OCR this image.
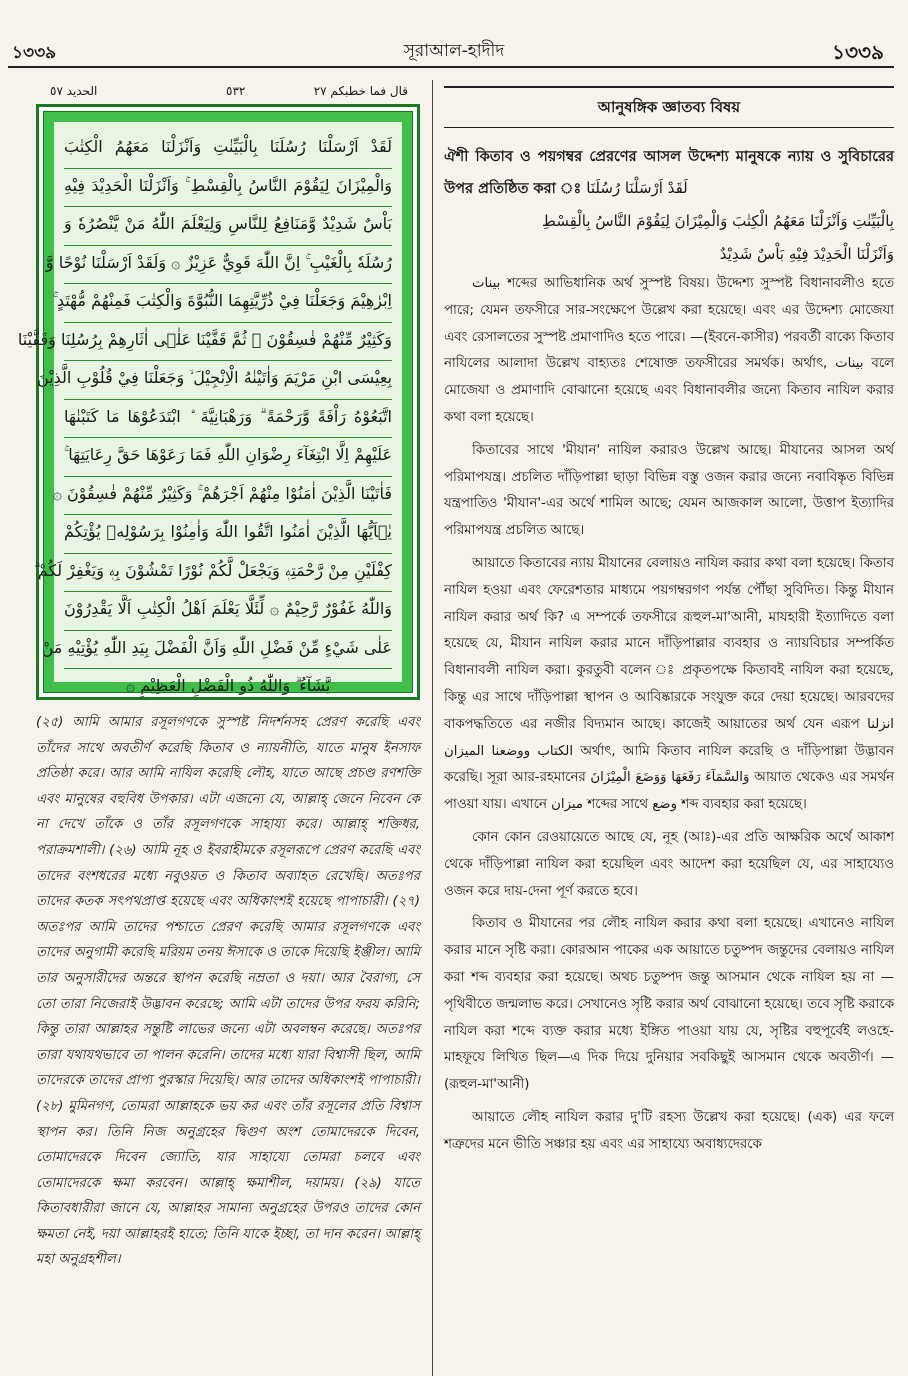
১৩৩৯	সূরাআল-হাদীদ	১৩৩৯
قال فما خطبكم ٢٧
٥٣٢
الحديد ٥٧
لَقَدْ اَرْسَلْنَا رُسُلَنَا بِالْبَيِّنٰتِ وَاَنْزَلْنَا مَعَهُمُ الْكِتٰبَ
وَالْمِيْزَانَ لِيَقُوْمَ النَّاسُ بِالْقِسْطِ ۚ وَاَنْزَلْنَا الْحَدِيْدَ فِيْهِ
بَاْسٌ شَدِيْدٌ وَّمَنَافِعُ لِلنَّاسِ وَلِيَعْلَمَ اللّٰهُ مَنْ يَّنْصُرُهٗ وَ
رُسُلَهٗ بِالْغَيْبِ ۚ اِنَّ اللّٰهَ قَوِيٌّ عَزِيْزٌ ۞ وَلَقَدْ اَرْسَلْنَا نُوْحًا وَّ
اِبْرٰهِيْمَ وَجَعَلْنَا فِيْ ذُرِّيَّتِهِمَا النُّبُوَّةَ وَالْكِتٰبَ فَمِنْهُمْ مُّهْتَدٍ ۚ
وَكَثِيْرٌ مِّنْهُمْ فٰسِقُوْنَ ۞ ثُمَّ قَفَّيْنَا عَلٰۤى اٰثَارِهِمْ بِرُسُلِنَا وَقَفَّيْنَا
بِعِيْسَى ابْنِ مَرْيَمَ وَاٰتَيْنٰهُ الْاِنْجِيْلَ ۙ وَجَعَلْنَا فِيْ قُلُوْبِ الَّذِيْنَ
اتَّبَعُوْهُ رَاْفَةً وَّرَحْمَةً ۗ وَرَهْبَانِيَّةَ ۨ ابْتَدَعُوْهَا مَا كَتَبْنٰهَا
عَلَيْهِمْ اِلَّا ابْتِغَآءَ رِضْوَانِ اللّٰهِ فَمَا رَعَوْهَا حَقَّ رِعَايَتِهَا ۚ
فَاٰتَيْنَا الَّذِيْنَ اٰمَنُوْا مِنْهُمْ اَجْرَهُمْ ۚ وَكَثِيْرٌ مِّنْهُمْ فٰسِقُوْنَ ۞
يٰۤاَيُّهَا الَّذِيْنَ اٰمَنُوا اتَّقُوا اللّٰهَ وَاٰمِنُوْا بِرَسُوْلِهٖ يُؤْتِكُمْ
كِفْلَيْنِ مِنْ رَّحْمَتِهٖ وَيَجْعَلْ لَّكُمْ نُوْرًا تَمْشُوْنَ بِهٖ وَيَغْفِرْ لَكُمْ ۗ
وَاللّٰهُ غَفُوْرٌ رَّحِيْمٌ ۞ لِّئَلَّا يَعْلَمَ اَهْلُ الْكِتٰبِ اَلَّا يَقْدِرُوْنَ
عَلٰى شَيْءٍ مِّنْ فَضْلِ اللّٰهِ وَاَنَّ الْفَضْلَ بِيَدِ اللّٰهِ يُؤْتِيْهِ مَنْ
يَّشَآءُ ۗ وَاللّٰهُ ذُو الْفَضْلِ الْعَظِيْمِ ۞
(২৫) আমি আমার রসূলগণকে সুস্পষ্ট নিদর্শনসহ প্রেরণ করেছি এবং তাঁদের সাথে অবতীর্ণ করেছি কিতাব ও ন্যায়নীতি, যাতে মানুষ ইনসাফ প্রতিষ্ঠা করে। আর আমি নাযিল করেছি লৌহ, যাতে আছে প্রচণ্ড রণশক্তি এবং মানুষের বহুবিধ উপকার। এটা এজন্যে যে, আল্লাহ্ জেনে নিবেন কে না দেখে তাঁকে ও তাঁর রসূলগণকে সাহায্য করে। আল্লাহ্ শক্তিধর, পরাক্রমশালী। (২৬) আমি নূহ ও ইবরাহীমকে রসূলরূপে প্রেরণ করেছি এবং তাদের বংশধরের মধ্যে নবুওয়ত ও কিতাব অব্যাহত রেখেছি। অতঃপর তাদের কতক সৎপথপ্রাপ্ত হয়েছে এবং অধিকাংশই হয়েছে পাপাচারী। (২৭) অতঃপর আমি তাদের পশ্চাতে প্রেরণ করেছি আমার রসূলগণকে এবং তাদের অনুগামী করেছি মরিয়ম তনয় ঈসাকে ও তাকে দিয়েছি ইঞ্জীল। আমি তার অনুসারীদের অন্তরে স্থাপন করেছি নম্রতা ও দয়া। আর বৈরাগ্য, সে তো তারা নিজেরাই উদ্ভাবন করেছে; আমি এটা তাদের উপর ফরয করিনি; কিন্তু তারা আল্লাহর সন্তুষ্টি লাভের জন্যে এটা অবলম্বন করেছে। অতঃপর তারা যথাযথভাবে তা পালন করেনি। তাদের মধ্যে যারা বিশ্বাসী ছিল, আমি তাদেরকে তাদের প্রাপ্য পুরস্কার দিয়েছি। আর তাদের অধিকাংশই পাপাচারী। (২৮) মুমিনগণ, তোমরা আল্লাহকে ভয় কর এবং তাঁর রসূলের প্রতি বিশ্বাস স্থাপন কর। তিনি নিজ অনুগ্রহের দ্বিগুণ অংশ তোমাদেরকে দিবেন, তোমাদেরকে দিবেন জ্যোতি, যার সাহায্যে তোমরা চলবে এবং তোমাদেরকে ক্ষমা করবেন। আল্লাহ্ ক্ষমাশীল, দয়াময়। (২৯) যাতে কিতাবধারীরা জানে যে, আল্লাহর সামান্য অনুগ্রহের উপরও তাদের কোন ক্ষমতা নেই, দয়া আল্লাহরই হাতে; তিনি যাকে ইচ্ছা, তা দান করেন। আল্লাহ্ মহা অনুগ্রহশীল।
আনুষঙ্গিক জ্ঞাতব্য বিষয়
ঐশী কিতাব ও পয়গম্বর প্রেরণের আসল উদ্দেশ্য মানুষকে ন্যায় ও সুবিচারের উপর প্রতিষ্ঠিত করা ঃ لَقَدْ اَرْسَلْنَا رُسُلَنَا
بِالْبَيِّنٰتِ وَاَنْزَلْنَا مَعَهُمُ الْكِتٰبَ وَالْمِيْزَانَ لِيَقُوْمَ النَّاسُ بِالْقِسْطِ
وَاَنْزَلْنَا الْحَدِيْدَ فِيْهِ بَاْسٌ شَدِيْدٌ

بينات শব্দের আভিধানিক অর্থ সুস্পষ্ট বিষয়। উদ্দেশ্য সুস্পষ্ট বিধানাবলীও হতে পারে; যেমন তফসীরে সার-সংক্ষেপে উল্লেখ করা হয়েছে। এবং এর উদ্দেশ্য মোজেযা এবং রেসালতের সুস্পষ্ট প্রমাণাদিও হতে পারে। —(ইবনে-কাসীর) পরবর্তী বাক্যে কিতাব নাযিলের আলাদা উল্লেখ বাহ্যতঃ শেষোক্ত তফসীরের সমর্থক। অর্থাৎ, بينات বলে মোজেযা ও প্রমাণাদি বোঝানো হয়েছে এবং বিধানাবলীর জন্যে কিতাব নাযিল করার কথা বলা হয়েছে।

কিতাবের সাথে 'মীযান' নাযিল করারও উল্লেখ আছে। মীযানের আসল অর্থ পরিমাপযন্ত্র। প্রচলিত দাঁড়িপাল্লা ছাড়া বিভিন্ন বস্তু ওজন করার জন্যে নবাবিষ্কৃত বিভিন্ন যন্ত্রপাতিও 'মীযান'-এর অর্থে শামিল আছে; যেমন আজকাল আলো, উত্তাপ ইত্যাদির পরিমাপযন্ত্র প্রচলিত আছে।

আয়াতে কিতাবের ন্যায় মীযানের বেলায়ও নাযিল করার কথা বলা হয়েছে। কিতাব নাযিল হওয়া এবং ফেরেশতার মাধ্যমে পয়গম্বরগণ পর্যন্ত পৌঁছা সুবিদিত। কিন্তু মীযান নাযিল করার অর্থ কি? এ সম্পর্কে তফসীরে রূহুল-মা'আনী, মাযহারী ইত্যাদিতে বলা হয়েছে যে, মীযান নাযিল করার মানে দাঁড়িপাল্লার ব্যবহার ও ন্যায়বিচার সম্পর্কিত বিধানাবলী নাযিল করা। কুরতুবী বলেন ঃ প্রকৃতপক্ষে কিতাবই নাযিল করা হয়েছে, কিন্তু এর সাথে দাঁড়িপাল্লা স্থাপন ও আবিষ্কারকে সংযুক্ত করে দেয়া হয়েছে। আরবদের বাকপদ্ধতিতে এর নজীর বিদ্যমান আছে। কাজেই আয়াতের অর্থ যেন এরূপ انزلنا الكتاب ووضعنا الميزان অর্থাৎ, আমি কিতাব নাযিল করেছি ও দাঁড়িপাল্লা উদ্ভাবন করেছি। সূরা আর-রহমানের وَالسَّمَآءَ رَفَعَهَا وَوَضَعَ الْمِيْزَانَ আয়াত থেকেও এর সমর্থন পাওয়া যায়। এখানে ميزان শব্দের সাথে وضع শব্দ ব্যবহার করা হয়েছে।

কোন কোন রেওয়ায়েতে আছে যে, নূহ (আঃ)-এর প্রতি আক্ষরিক অর্থে আকাশ থেকে দাঁড়িপাল্লা নাযিল করা হয়েছিল এবং আদেশ করা হয়েছিল যে, এর সাহায্যেও ওজন করে দায়-দেনা পূর্ণ করতে হবে।

কিতাব ও মীযানের পর লৌহ নাযিল করার কথা বলা হয়েছে। এখানেও নাযিল করার মানে সৃষ্টি করা। কোরআন পাকের এক আয়াতে চতুষ্পদ জন্তুদের বেলায়ও নাযিল করা শব্দ ব্যবহার করা হয়েছে। অথচ চতুষ্পদ জন্তু আসমান থেকে নাযিল হয় না —পৃথিবীতে জন্মলাভ করে। সেখানেও সৃষ্টি করার অর্থ বোঝানো হয়েছে। তবে সৃষ্টি করাকে নাযিল করা শব্দে ব্যক্ত করার মধ্যে ইঙ্গিত পাওয়া যায় যে, সৃষ্টির বহুপূর্বেই লওহে-মাহফূযে লিখিত ছিল—এ দিক দিয়ে দুনিয়ার সবকিছুই আসমান থেকে অবতীর্ণ। —(রূহুল-মা'আনী)

আয়াতে লৌহ নাযিল করার দু'টি রহস্য উল্লেখ করা হয়েছে। (এক) এর ফলে শত্রুদের মনে ভীতি সঞ্চার হয় এবং এর সাহায্যে অবাধ্যদেরকে
